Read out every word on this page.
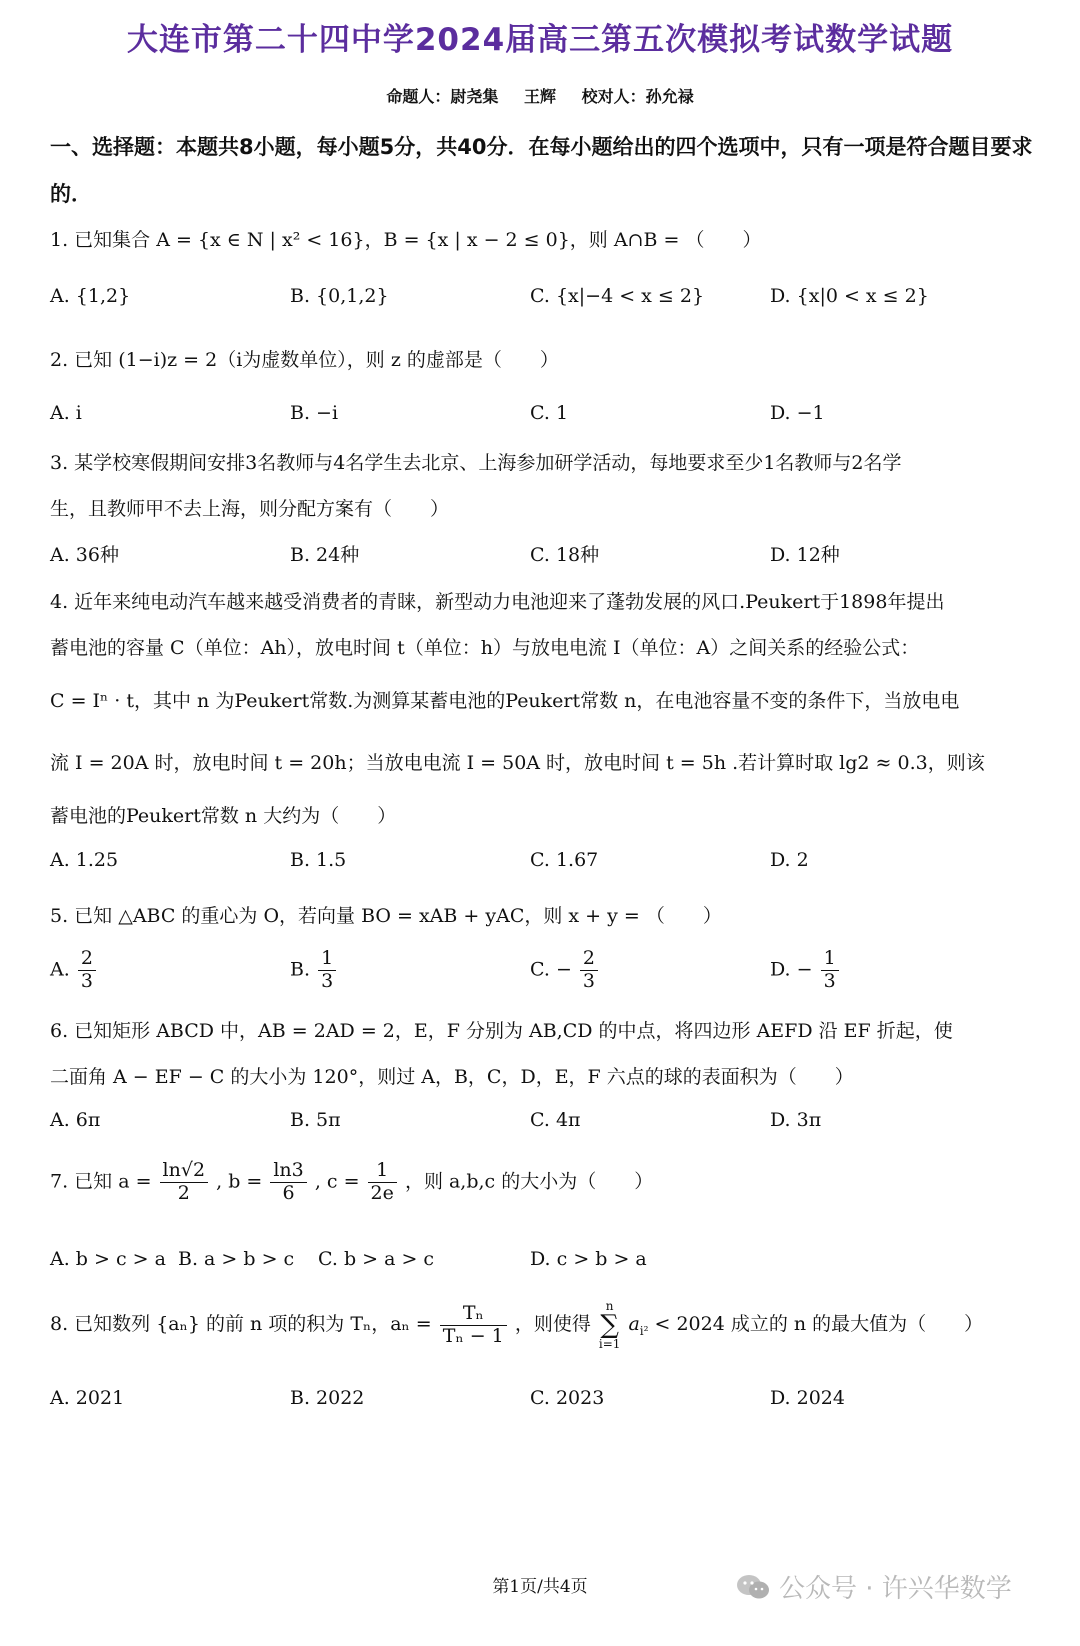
大连市第二十四中学2024届高三第五次模拟考试数学试题
命题人：尉尧集 王辉 校对人：孙允禄
一、选择题：本题共8小题，每小题5分，共40分．在每小题给出的四个选项中，只有一项是符合题目要求的．
1. 已知集合 A = {x ∈ N | x² < 16}，B = {x | x − 2 ≤ 0}，则 A∩B = （　　）
A. {1,2}	B. {0,1,2}	C. {x|−4 < x ≤ 2}	D. {x|0 < x ≤ 2}
2. 已知 (1−i)z = 2（i为虚数单位），则 z 的虚部是（　　）
A. i	B. −i	C. 1	D. −1
3. 某学校寒假期间安排3名教师与4名学生去北京、上海参加研学活动，每地要求至少1名教师与2名学
生，且教师甲不去上海，则分配方案有（　　）
A. 36种	B. 24种	C. 18种	D. 12种
4. 近年来纯电动汽车越来越受消费者的青睐，新型动力电池迎来了蓬勃发展的风口.Peukert于1898年提出
蓄电池的容量 C（单位：Ah），放电时间 t（单位：h）与放电电流 I（单位：A）之间关系的经验公式：
C = Iⁿ · t，其中 n 为Peukert常数.为测算某蓄电池的Peukert常数 n，在电池容量不变的条件下，当放电电
流 I = 20A 时，放电时间 t = 20h；当放电电流 I = 50A 时，放电时间 t = 5h .若计算时取 lg2 ≈ 0.3，则该
蓄电池的Peukert常数 n 大约为（　　）
A. 1.25	B. 1.5	C. 1.67	D. 2
5. 已知 △ABC 的重心为 O，若向量 BO = xAB + yAC，则 x + y = （　　）
A. $\frac{2}{3}$	B. $\frac{1}{3}$	C. − $\frac{2}{3}$	D. − $\frac{1}{3}$
6. 已知矩形 ABCD 中，AB = 2AD = 2，E，F 分别为 AB,CD 的中点，将四边形 AEFD 沿 EF 折起，使
二面角 A − EF − C 的大小为 120°，则过 A，B，C，D，E，F 六点的球的表面积为（　　）
A. 6π	B. 5π	C. 4π	D. 3π
7. 已知 $a = \frac{\ln√2}{2}$ , $b = \frac{\ln 3}{6}$ , $c = \frac{1}{2e}$ ，则 a,b,c 的大小为（　　）
A. b > c > a B. a > b > c C. b > a > c	D. c > b > a
8. 已知数列 {aₙ} 的前 n 项的积为 Tₙ，$a_n = \frac{\text{Tₙ}}{\text{Tₙ − 1}}$ ，则使得
n
∑
i=1
$a_{i^2} < 2024$ 成立的 n 的最大值为（　　）
A. 2021	B. 2022	C. 2023	D. 2024
第1页/共4页	公众号 · 许兴华数学
